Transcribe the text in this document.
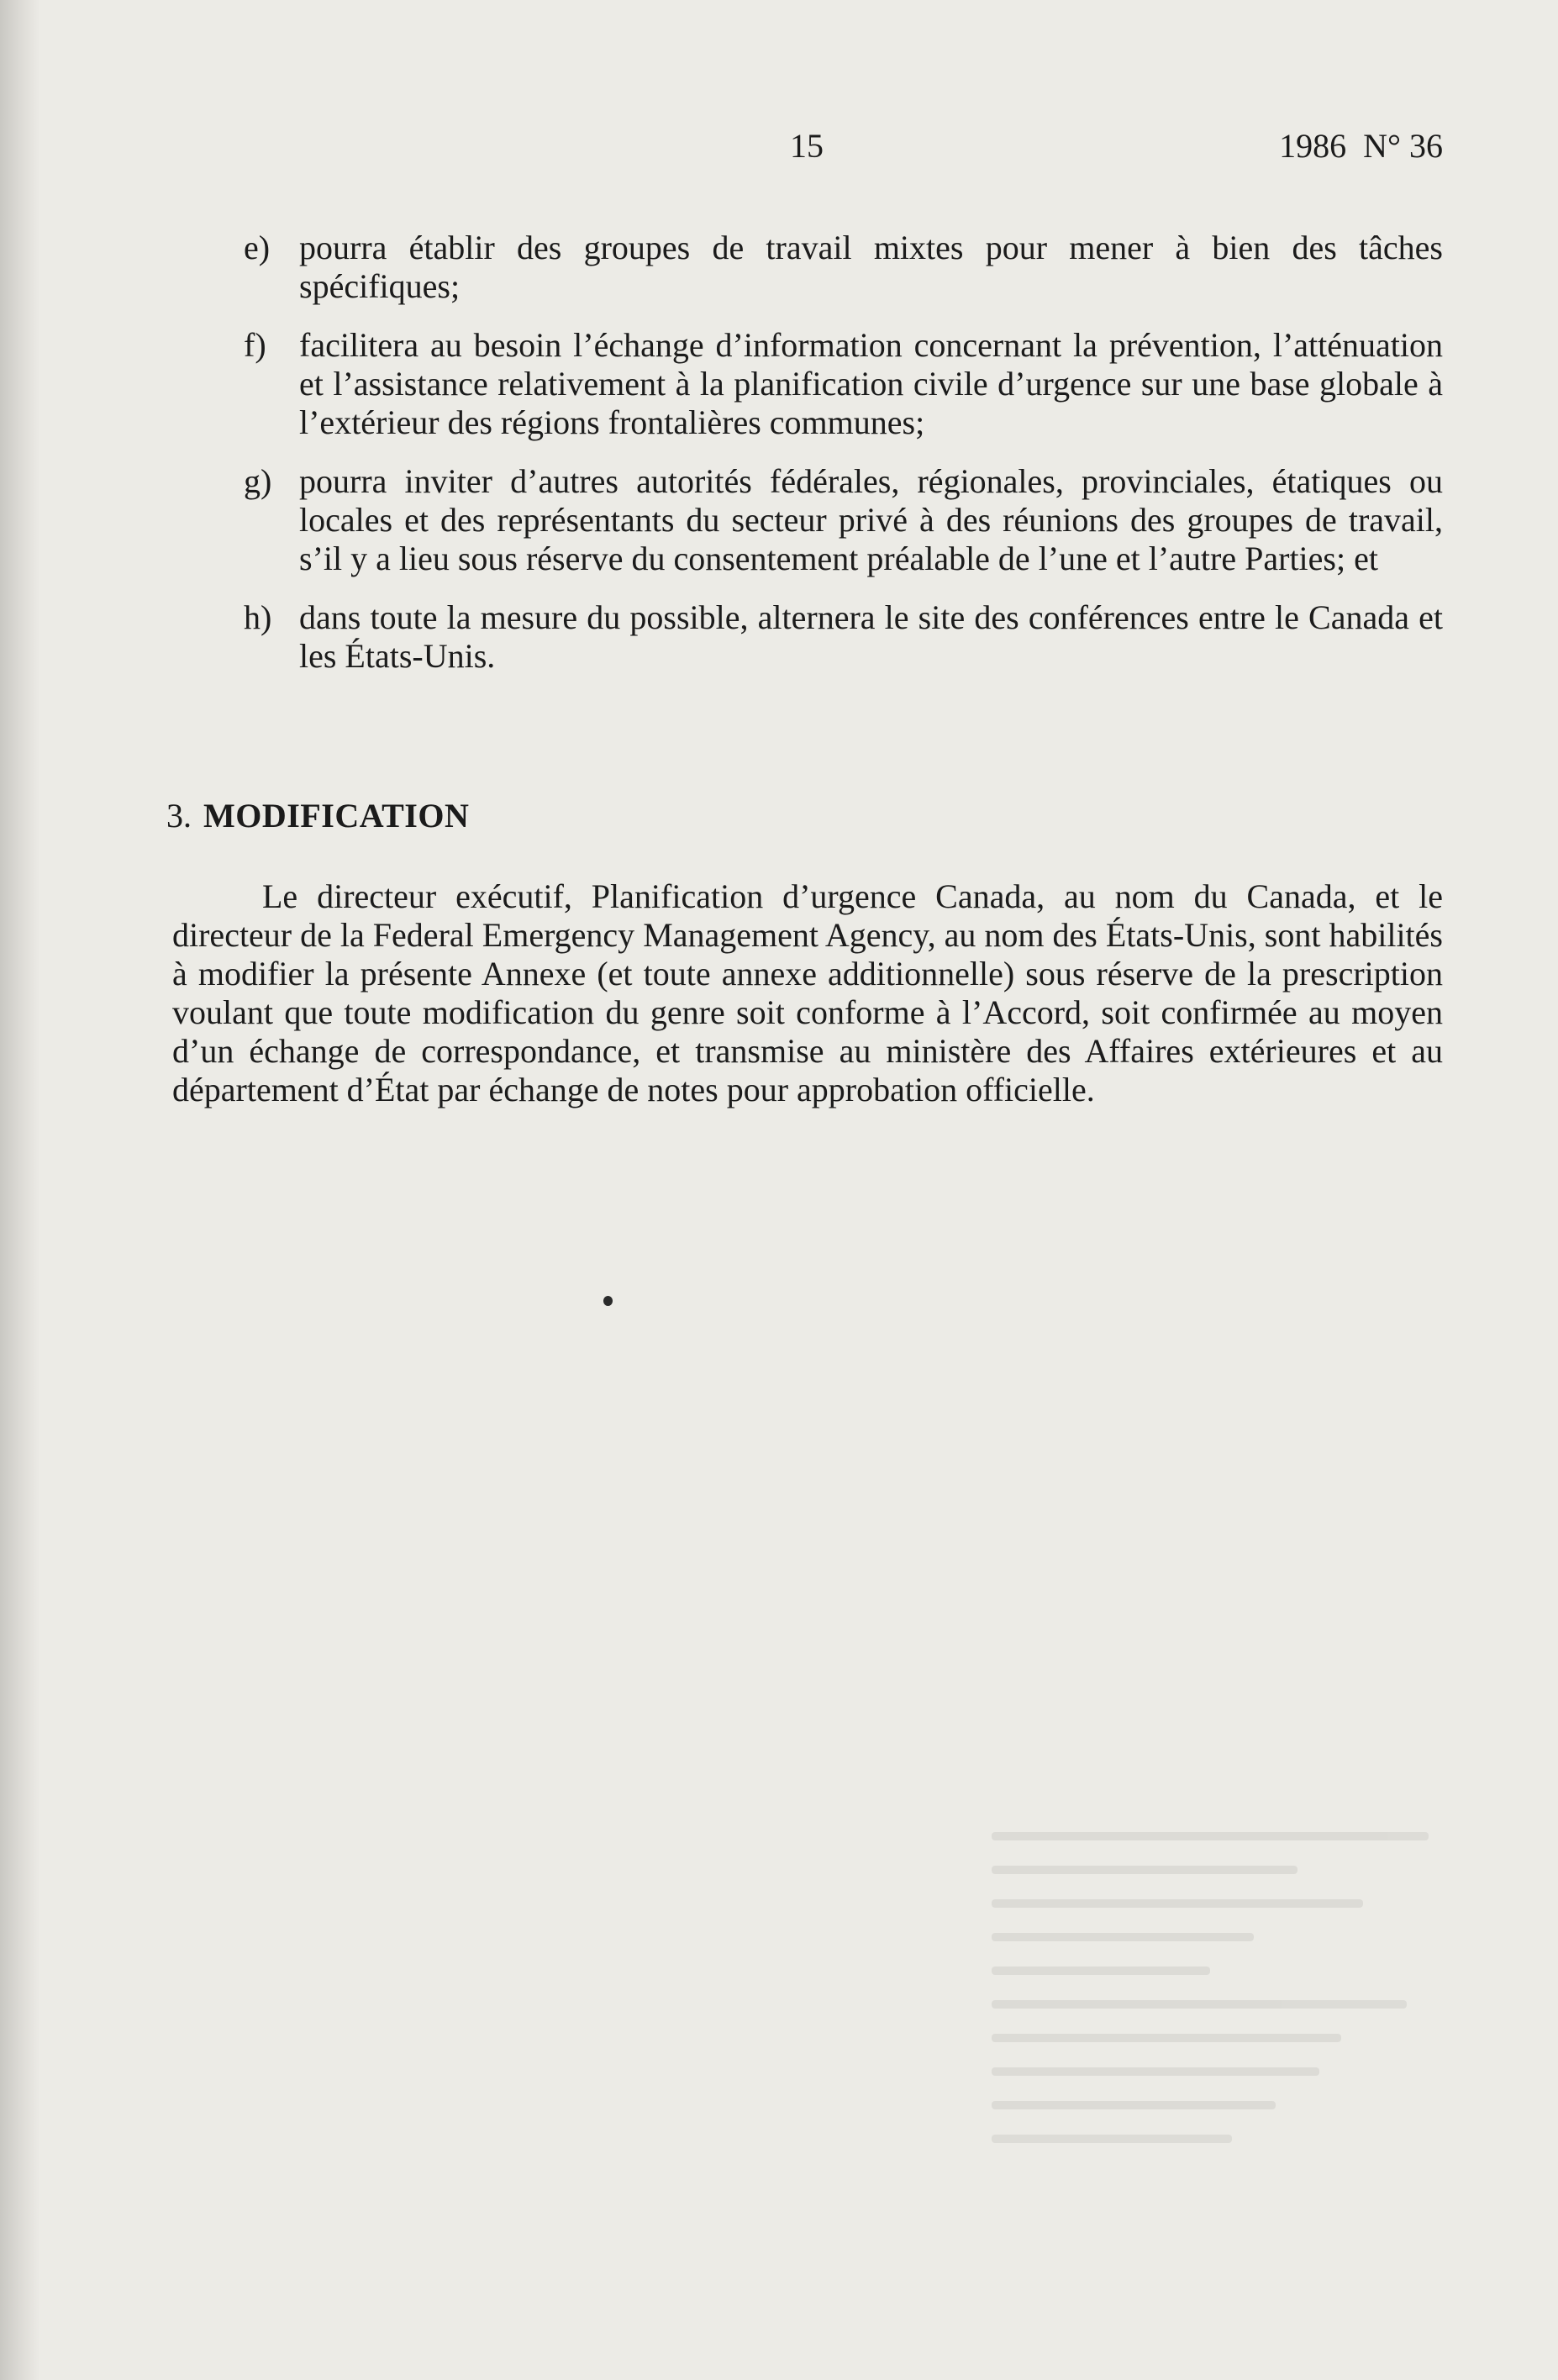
15	1986  N° 36
e) pourra établir des groupes de travail mixtes pour mener à bien des tâches spécifiques;
f) facilitera au besoin l’échange d’information concernant la prévention, l’atténuation et l’assistance relativement à la planification civile d’urgence sur une base globale à l’extérieur des régions frontalières communes;
g) pourra inviter d’autres autorités fédérales, régionales, provinciales, étatiques ou locales et des représentants du secteur privé à des réunions des groupes de travail, s’il y a lieu sous réserve du consentement préalable de l’une et l’autre Parties; et
h) dans toute la mesure du possible, alternera le site des conférences entre le Canada et les États-Unis.
3. MODIFICATION

Le directeur exécutif, Planification d’urgence Canada, au nom du Canada, et le directeur de la Federal Emergency Management Agency, au nom des États-Unis, sont habilités à modifier la présente Annexe (et toute annexe additionnelle) sous réserve de la prescription voulant que toute modification du genre soit conforme à l’Accord, soit confirmée au moyen d’un échange de correspondance, et transmise au ministère des Affaires extérieures et au département d’État par échange de notes pour approbation officielle.
